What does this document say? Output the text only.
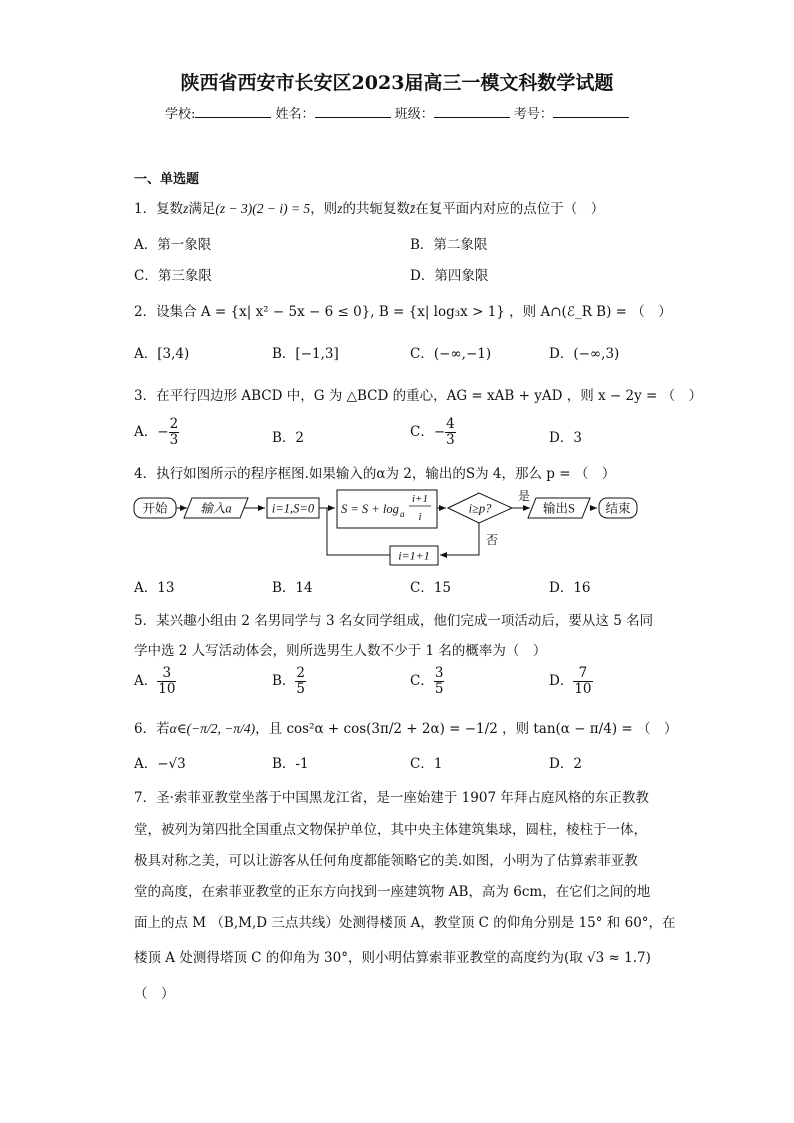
陕西省西安市长安区2023届高三一模文科数学试题
学校:	姓名：	班级：	考号：
一、单选题
1．复数z满足(z − 3)(2 − i) = 5，则z的共轭复数z̄在复平面内对应的点位于（　）
A．第一象限	B．第二象限
C．第三象限	D．第四象限
2．设集合 A = {x| x² − 5x − 6 ≤ 0}, B = {x| log₃x > 1} ，则 A∩(ℰ_R B) = （　）
A．[3,4)	B．[−1,3]	C．(−∞,−1)	D．(−∞,3)
3．在平行四边形 ABCD 中，G 为 △BCD 的重心，AG = xAB + yAD ，则 x − 2y = （　）
A．− $\frac{2}{3}$	B．2	C．− $\frac{4}{3}$	D．3
4．执行如图所示的程序框图.如果输入的α为 2，输出的S为 4，那么 p = （　）
开始	输入a	i=1,S=0 S = S + log a
i+1
i
i≥p?
是
输出S 结束
否
i=1+1
A．13	B．14	C．15	D．16
5．某兴趣小组由 2 名男同学与 3 名女同学组成，他们完成一项活动后，要从这 5 名同
学中选 2 人写活动体会，则所选男生人数不少于 1 名的概率为（　）
A． $\frac{3}{10}$	B． $\frac{2}{5}$	C． $\frac{3}{5}$	D． $\frac{7}{10}$
6．若α∈(−π/2, −π/4)，且 cos²α + cos(3π/2 + 2α) = −1/2 ，则 tan(α − π/4) = （　）
A．−√3	B．-1	C．1	D．2
7．圣·索菲亚教堂坐落于中国黑龙江省，是一座始建于 1907 年拜占庭风格的东正教教
堂，被列为第四批全国重点文物保护单位，其中央主体建筑集球，圆柱，棱柱于一体，
极具对称之美，可以让游客从任何角度都能领略它的美.如图，小明为了估算索菲亚教
堂的高度，在索菲亚教堂的正东方向找到一座建筑物 AB，高为 6cm，在它们之间的地
面上的点 M （B,M,D 三点共线）处测得楼顶 A，教堂顶 C 的仰角分别是 15° 和 60°，在
楼顶 A 处测得塔顶 C 的仰角为 30°，则小明估算索菲亚教堂的高度约为(取 √3 ≈ 1.7)
（　）
